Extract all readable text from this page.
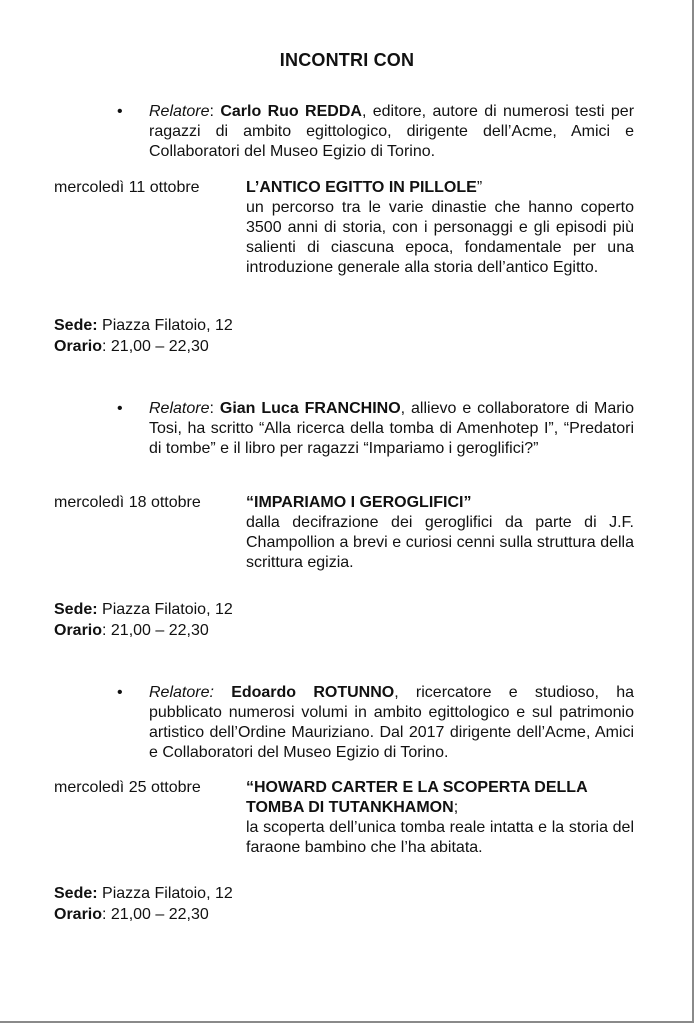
INCONTRI CON
• Relatore: Carlo Ruo REDDA, editore, autore di numerosi testi per ragazzi di ambito egittologico, dirigente dell’Acme, Amici e Collaboratori del Museo Egizio di Torino.
mercoledì 11 ottobre	L’ANTICO EGITTO IN PILLOLE”
un percorso tra le varie dinastie che hanno coperto 3500 anni di storia, con i personaggi e gli episodi più salienti di ciascuna epoca, fondamentale per una introduzione generale alla storia dell’antico Egitto.
Sede: Piazza Filatoio, 12
Orario: 21,00 – 22,30
• Relatore: Gian Luca FRANCHINO, allievo e collaboratore di Mario Tosi, ha scritto “Alla ricerca della tomba di Amenhotep I”, “Predatori di tombe” e il libro per ragazzi “Impariamo i geroglifici?”
mercoledì 18 ottobre	“IMPARIAMO I GEROGLIFICI”
dalla decifrazione dei geroglifici da parte di J.F. Champollion a brevi e curiosi cenni sulla struttura della scrittura egizia.
Sede: Piazza Filatoio, 12
Orario: 21,00 – 22,30
• Relatore: Edoardo ROTUNNO, ricercatore e studioso, ha pubblicato numerosi volumi in ambito egittologico e sul patrimonio artistico dell’Ordine Mauriziano. Dal 2017 dirigente dell’Acme, Amici e Collaboratori del Museo Egizio di Torino.
mercoledì 25 ottobre	“HOWARD CARTER E LA SCOPERTA DELLA TOMBA DI TUTANKHAMON;
la scoperta dell’unica tomba reale intatta e la storia del faraone bambino che l’ha abitata.
Sede: Piazza Filatoio, 12
Orario: 21,00 – 22,30
